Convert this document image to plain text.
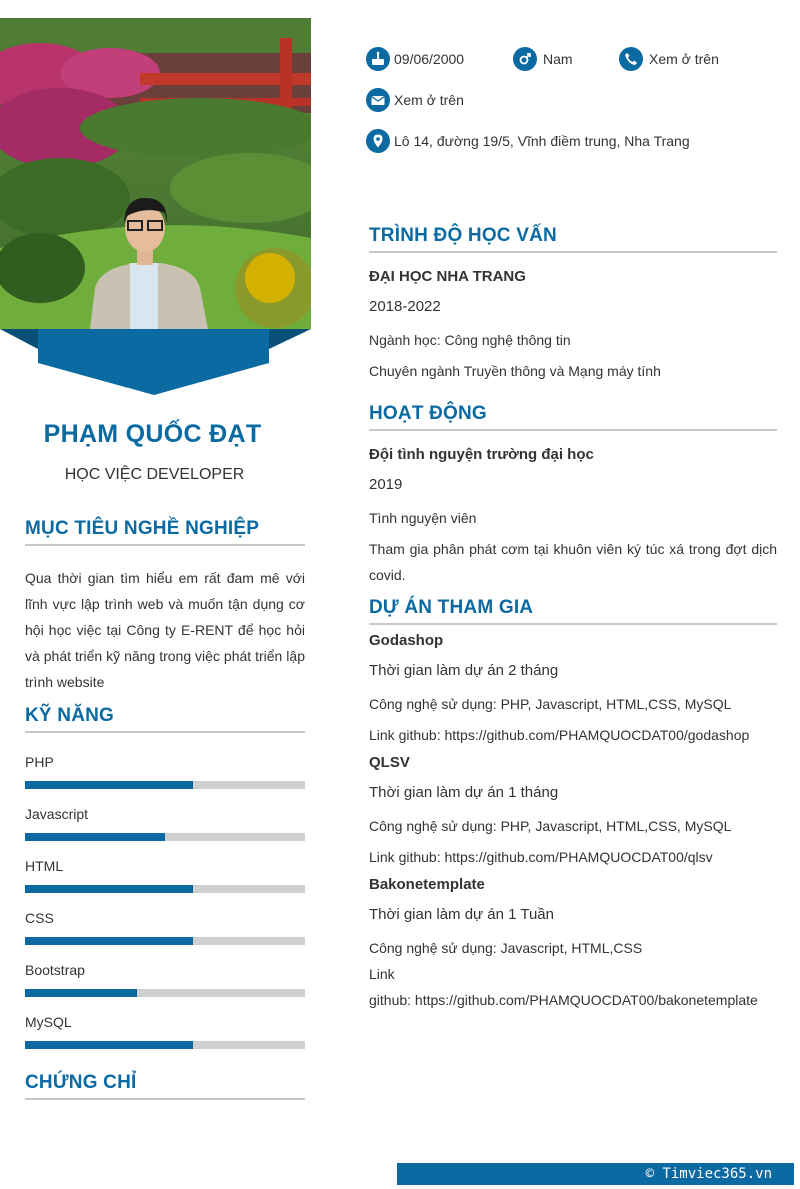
PHẠM QUỐC ĐẠT
HỌC VIỆC DEVELOPER
MỤC TIÊU NGHỀ NGHIỆP
Qua thời gian tìm hiểu em rất đam mê với lĩnh vực lập trình web và muốn tận dụng cơ hội học việc tại Công ty E-RENT để học hỏi và phát triển kỹ năng trong việc phát triển lập trình website
KỸ NĂNG
PHP
Javascript
HTML
CSS
Bootstrap
MySQL
CHỨNG CHỈ
09/06/2000	Nam	Xem ở trên
Xem ở trên
Lô 14, đường 19/5, Vĩnh điềm trung, Nha Trang
TRÌNH ĐỘ HỌC VẤN
ĐẠI HỌC NHA TRANG
2018-2022
Ngành học: Công nghệ thông tin
Chuyên ngành Truyền thông và Mạng máy tính
HOẠT ĐỘNG
Đội tình nguyện trường đại học
2019
Tình nguyện viên
Tham gia phân phát cơm tại khuôn viên ký túc xá trong đợt dịch covid.
DỰ ÁN THAM GIA
Godashop
Thời gian làm dự án 2 tháng
Công nghệ sử dụng: PHP, Javascript, HTML,CSS, MySQL
Link github: https://github.com/PHAMQUOCDAT00/godashop
QLSV
Thời gian làm dự án 1 tháng
Công nghệ sử dụng: PHP, Javascript, HTML,CSS, MySQL
Link github: https://github.com/PHAMQUOCDAT00/qlsv
Bakonetemplate
Thời gian làm dự án 1 Tuần
Công nghệ sử dụng: Javascript, HTML,CSS
Link
github: https://github.com/PHAMQUOCDAT00/bakonetemplate
© Timviec365.vn
